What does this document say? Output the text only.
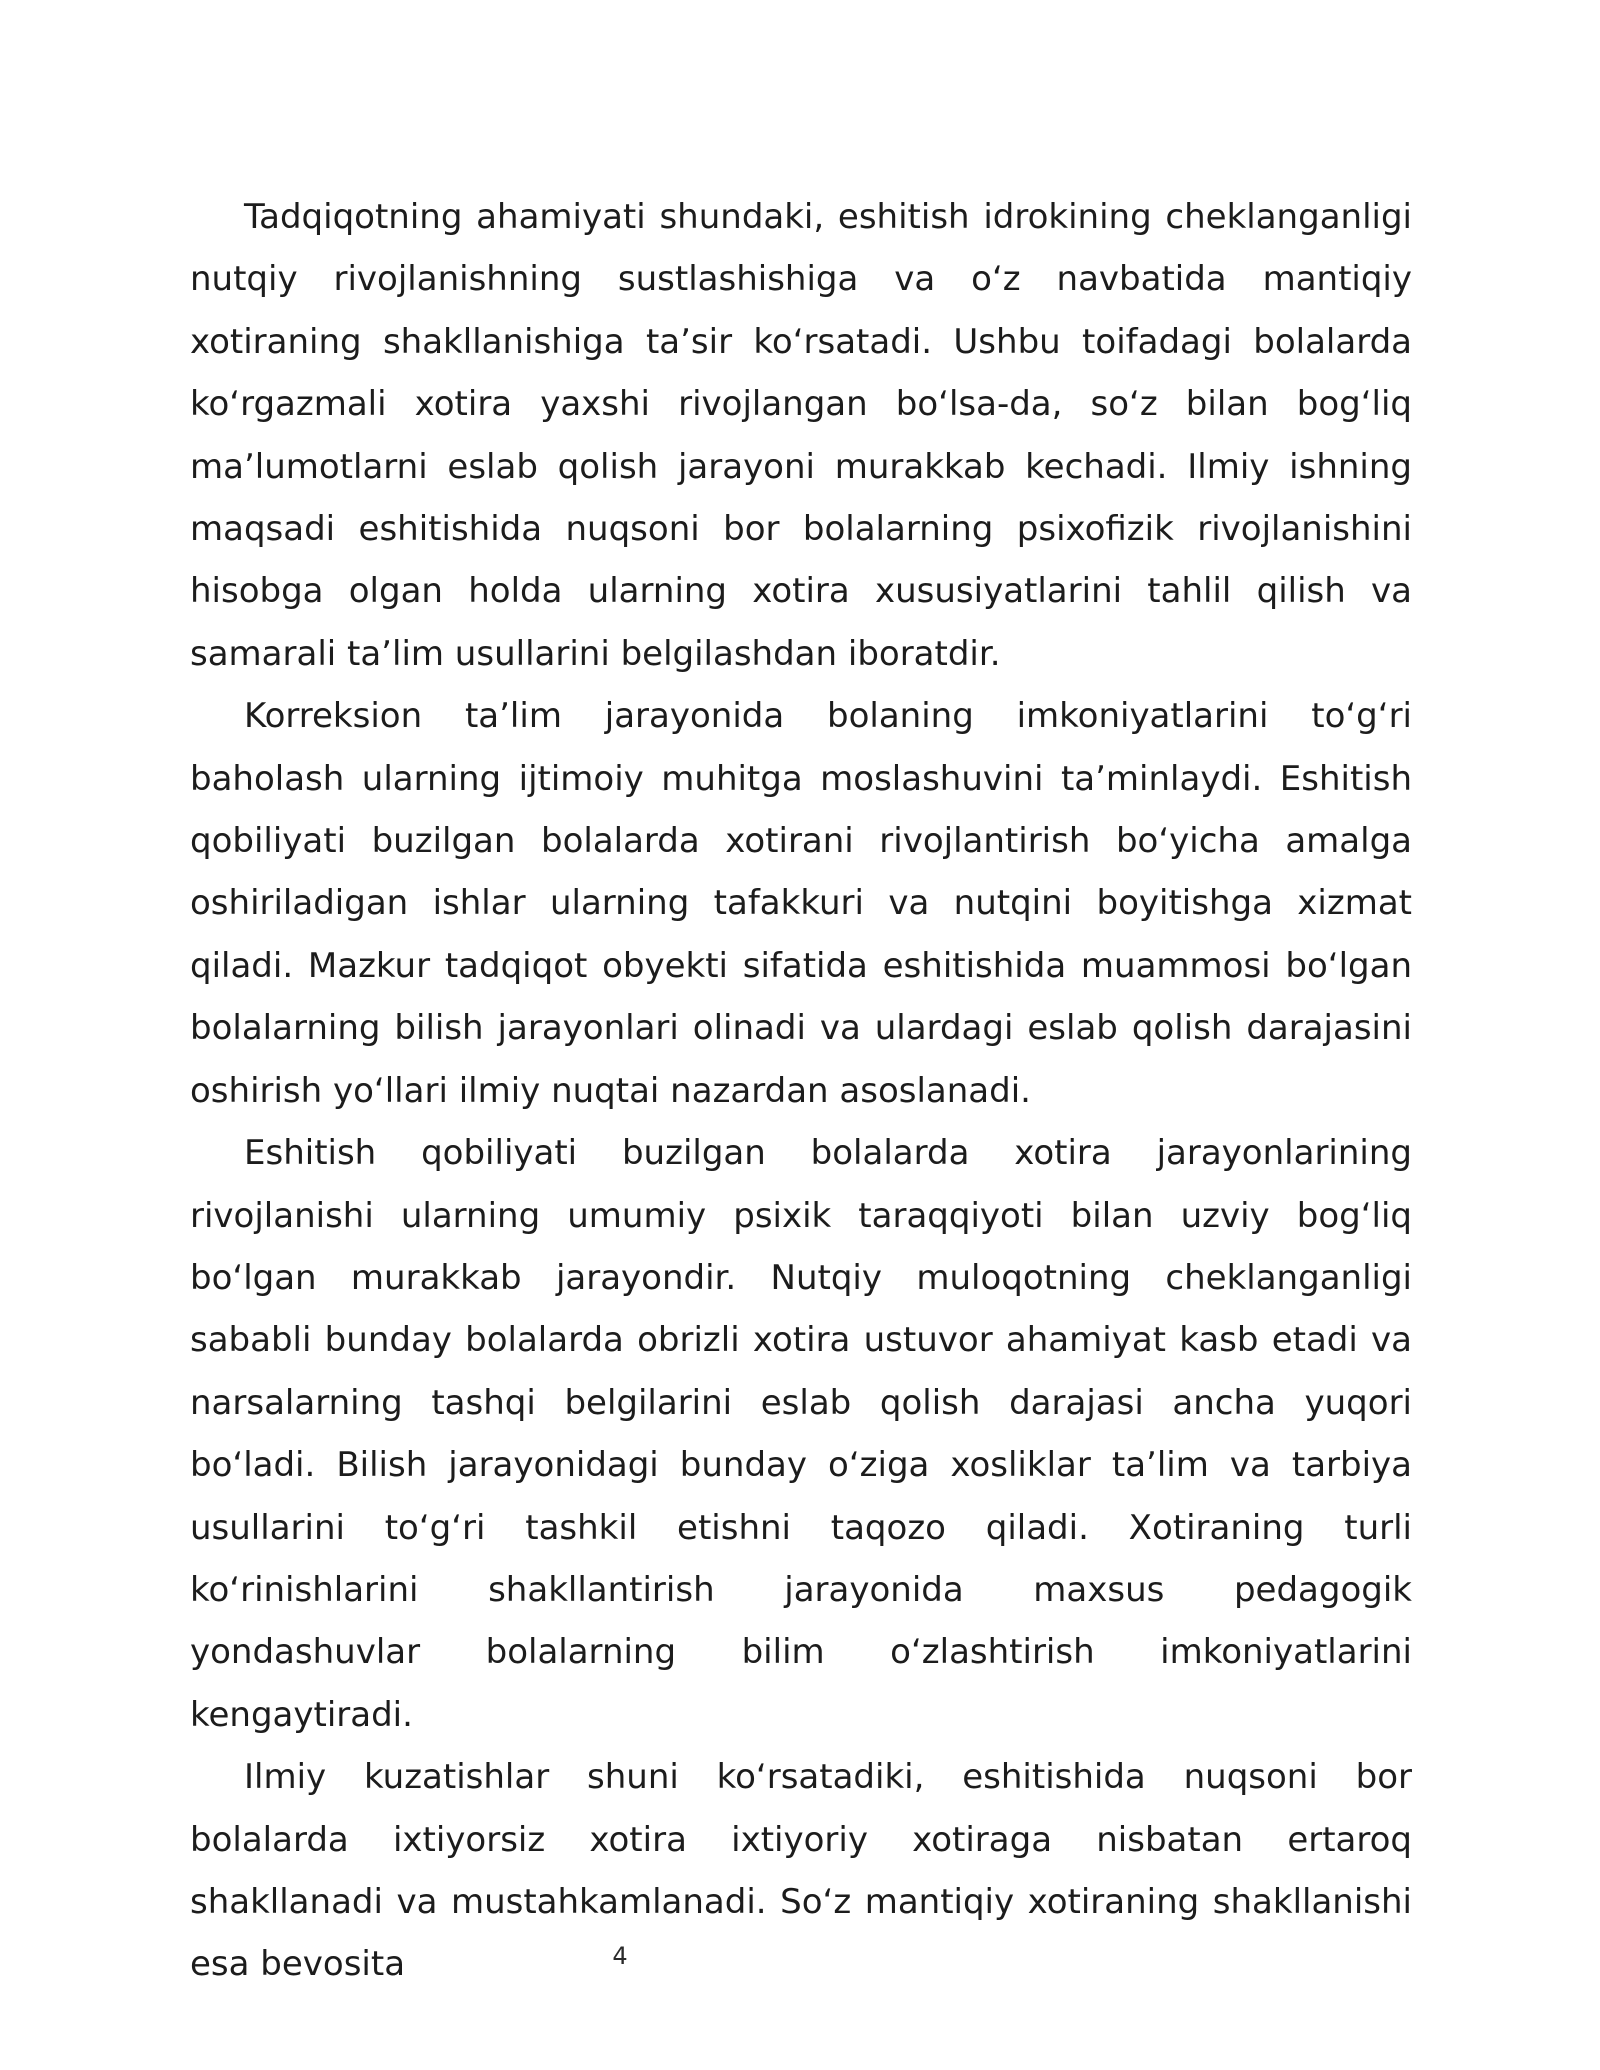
Tadqiqotning ahamiyati shundaki, eshitish idrokining cheklanganligi nutqiy rivojlanishning sustlashishiga va o‘z navbatida mantiqiy xotiraning shakllanishiga ta’sir ko‘rsatadi. Ushbu toifadagi bolalarda ko‘rgazmali xotira yaxshi rivojlangan bo‘lsa-da, so‘z bilan bog‘liq ma’lumotlarni eslab qolish jarayoni murakkab kechadi. Ilmiy ishning maqsadi eshitishida nuqsoni bor bolalarning psixofizik rivojlanishini hisobga olgan holda ularning xotira xususiyatlarini tahlil qilish va samarali ta’lim usullarini belgilashdan iboratdir.

Korreksion ta’lim jarayonida bolaning imkoniyatlarini to‘g‘ri baholash ularning ijtimoiy muhitga moslashuvini ta’minlaydi. Eshitish qobiliyati buzilgan bolalarda xotirani rivojlantirish bo‘yicha amalga oshiriladigan ishlar ularning tafakkuri va nutqini boyitishga xizmat qiladi. Mazkur tadqiqot obyekti sifatida eshitishida muammosi bo‘lgan bolalarning bilish jarayonlari olinadi va ulardagi eslab qolish darajasini oshirish yo‘llari ilmiy nuqtai nazardan asoslanadi.

Eshitish qobiliyati buzilgan bolalarda xotira jarayonlarining rivojlanishi ularning umumiy psixik taraqqiyoti bilan uzviy bog‘liq bo‘lgan murakkab jarayondir. Nutqiy muloqotning cheklanganligi sababli bunday bolalarda obrizli xotira ustuvor ahamiyat kasb etadi va narsalarning tashqi belgilarini eslab qolish darajasi ancha yuqori bo‘ladi. Bilish jarayonidagi bunday o‘ziga xosliklar ta’lim va tarbiya usullarini to‘g‘ri tashkil etishni taqozo qiladi. Xotiraning turli ko‘rinishlarini shakllantirish jarayonida maxsus pedagogik yondashuvlar bolalarning bilim o‘zlashtirish imkoniyatlarini kengaytiradi.

Ilmiy kuzatishlar shuni ko‘rsatadiki, eshitishida nuqsoni bor bolalarda ixtiyorsiz xotira ixtiyoriy xotiraga nisbatan ertaroq shakllanadi va mustahkamlanadi. So‘z mantiqiy xotiraning shakllanishi esa bevosita	4
